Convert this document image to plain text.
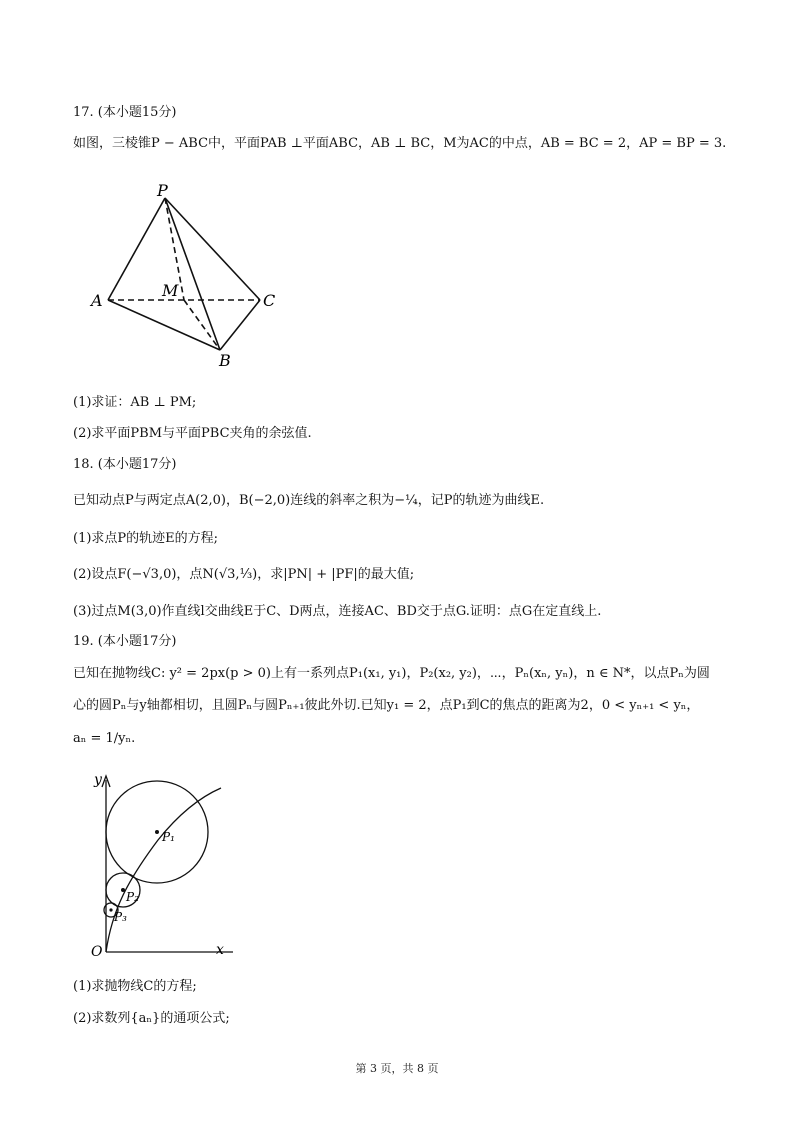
17. (本小题15分)
如图，三棱锥P − ABC中，平面PAB ⊥平面ABC，AB ⊥ BC，M为AC的中点，AB = BC = 2，AP = BP = 3.
P
A
M
C
B
(1)求证：AB ⊥ PM;
(2)求平面PBM与平面PBC夹角的余弦值.
18. (本小题17分)
已知动点P与两定点A(2,0)，B(−2,0)连线的斜率之积为−¼，记P的轨迹为曲线E.
(1)求点P的轨迹E的方程;
(2)设点F(−√3,0)，点N(√3,⅓)，求|PN| + |PF|的最大值;
(3)过点M(3,0)作直线l交曲线E于C、D两点，连接AC、BD交于点G.证明：点G在定直线上.
19. (本小题17分)
已知在抛物线C: y² = 2px(p > 0)上有一系列点P₁(x₁, y₁)，P₂(x₂, y₂)，⋯，Pₙ(xₙ, yₙ)，n ∈ N*，以点Pₙ为圆
心的圆Pₙ与y轴都相切，且圆Pₙ与圆Pₙ₊₁彼此外切.已知y₁ = 2，点P₁到C的焦点的距离为2，0 < yₙ₊₁ < yₙ，
aₙ = 1/yₙ.
y
x
O
P₁
P₂
P₃
(1)求抛物线C的方程;
(2)求数列{aₙ}的通项公式;
第 3 页，共 8 页
